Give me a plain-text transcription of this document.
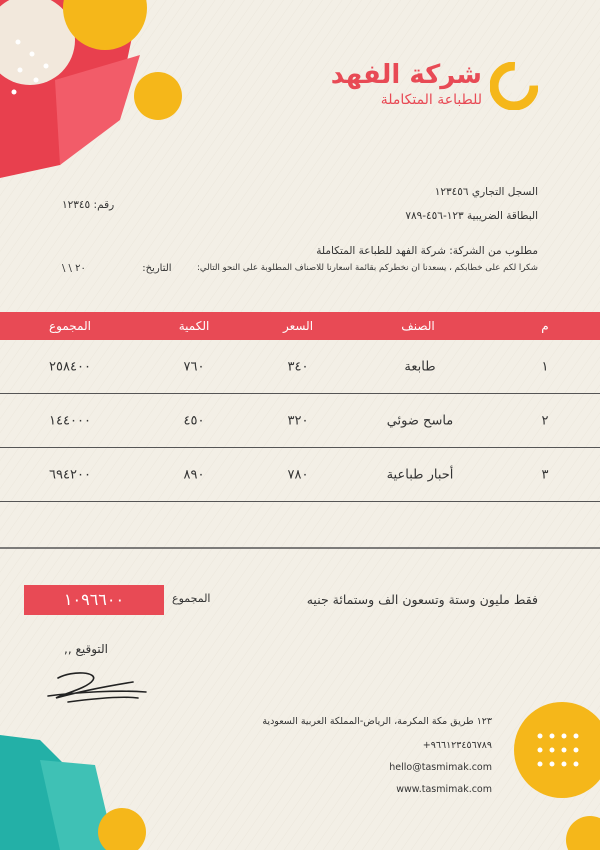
شركة الفهد
للطباعة المتكاملة
السجل التجاري ١٢٣٤٥٦
البطاقة الضريبية ١٢٣-٤٥٦-٧٨٩
رقم: ١٢٣٤٥
مطلوب من الشركة: شركة الفهد للطباعة المتكاملة
شكرا لكم على خطابكم ، يسعدنا ان نخطركم بقائمة اسعارنا للاصناف المطلوبة على النحو التالي:
التاريخ:  ٢٠ \ \
م
الصنف
السعر
الكمية
المجموع
١
طابعة
٣٤٠
٧٦٠
٢٥٨٤٠٠
٢
ماسح ضوئي
٣٢٠
٤٥٠
١٤٤٠٠٠
٣
أحبار طباعية
٧٨٠
٨٩٠
٦٩٤٢٠٠
فقط مليون وستة وتسعون الف وستمائة جنيه
المجموع
١٠٩٦٦٠٠
التوقيع ,,
١٢٣ طريق مكة المكرمة، الرياض-المملكة العربية السعودية
+٩٦٦١٢٣٤٥٦٧٨٩
hello@tasmimak.com
www.tasmimak.com
